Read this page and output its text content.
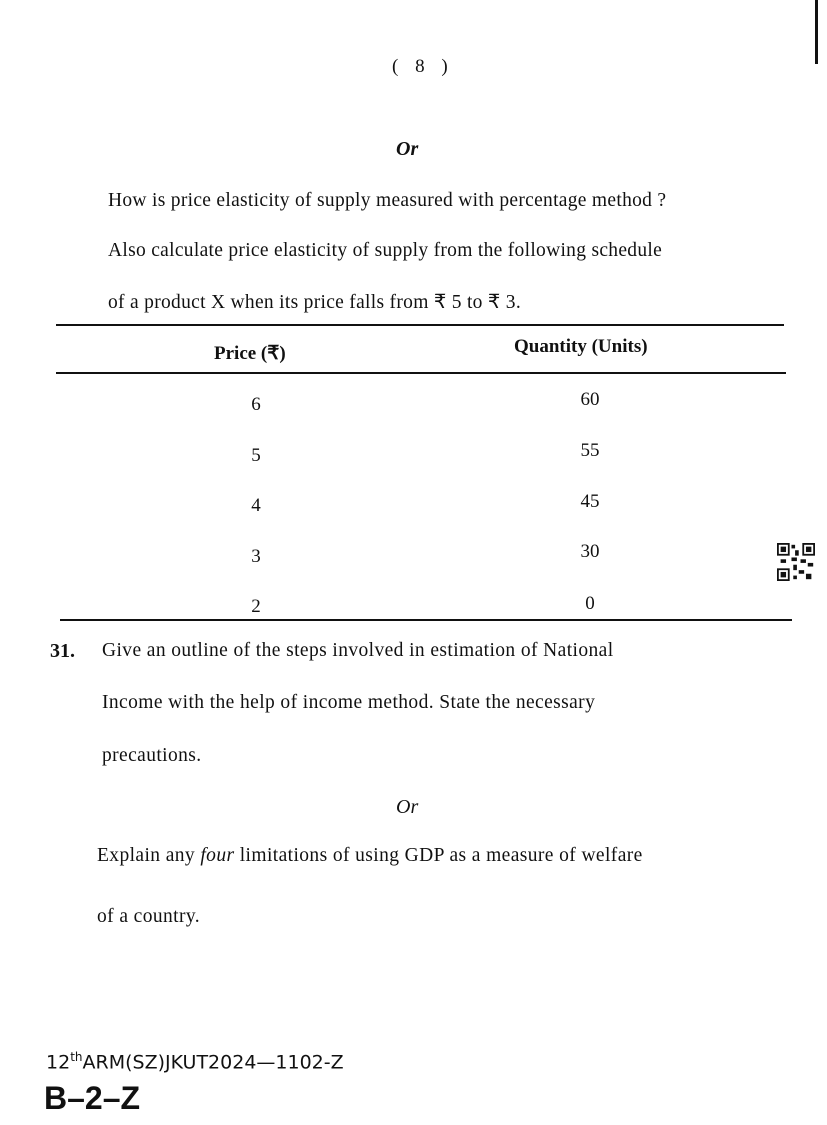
( 8 )
Or
How is price elasticity of supply measured with percentage method ?
Also calculate price elasticity of supply from the following schedule
of a product X when its price falls from ₹ 5 to ₹ 3.
Price (₹)	Quantity (Units)
6	60
5	55
4	45
3	30
2	0
31. Give an outline of the steps involved in estimation of National
Income with the help of income method. State the necessary
precautions.
Or
Explain any four limitations of using GDP as a measure of welfare
of a country.
12thARM(SZ)JKUT2024—1102-Z
B–2–Z
